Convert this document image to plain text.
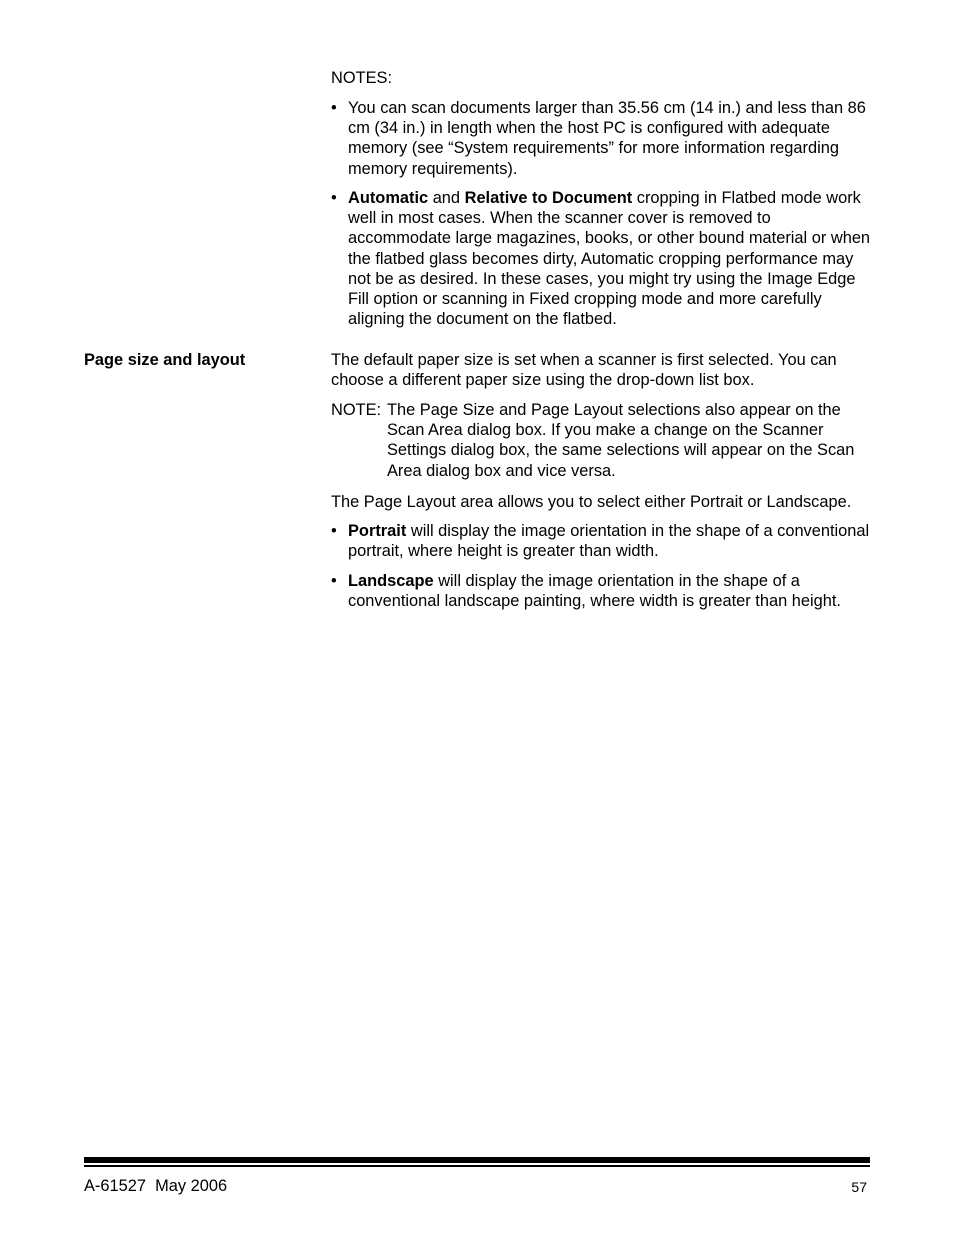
NOTES:
• You can scan documents larger than 35.56 cm (14 in.) and less than 86 cm (34 in.) in length when the host PC is configured with adequate memory (see “System requirements” for more information regarding memory requirements).
• Automatic and Relative to Document cropping in Flatbed mode work well in most cases. When the scanner cover is removed to accommodate large magazines, books, or other bound material or when the flatbed glass becomes dirty, Automatic cropping performance may not be as desired. In these cases, you might try using the Image Edge Fill option or scanning in Fixed cropping mode and more carefully aligning the document on the flatbed.
Page size and layout	The default paper size is set when a scanner is first selected. You can choose a different paper size using the drop-down list box.
NOTE: The Page Size and Page Layout selections also appear on the Scan Area dialog box. If you make a change on the Scanner Settings dialog box, the same selections will appear on the Scan Area dialog box and vice versa.
The Page Layout area allows you to select either Portrait or Landscape.
• Portrait will display the image orientation in the shape of a conventional portrait, where height is greater than width.
• Landscape will display the image orientation in the shape of a conventional landscape painting, where width is greater than height.
A-61527  May 2006	57
